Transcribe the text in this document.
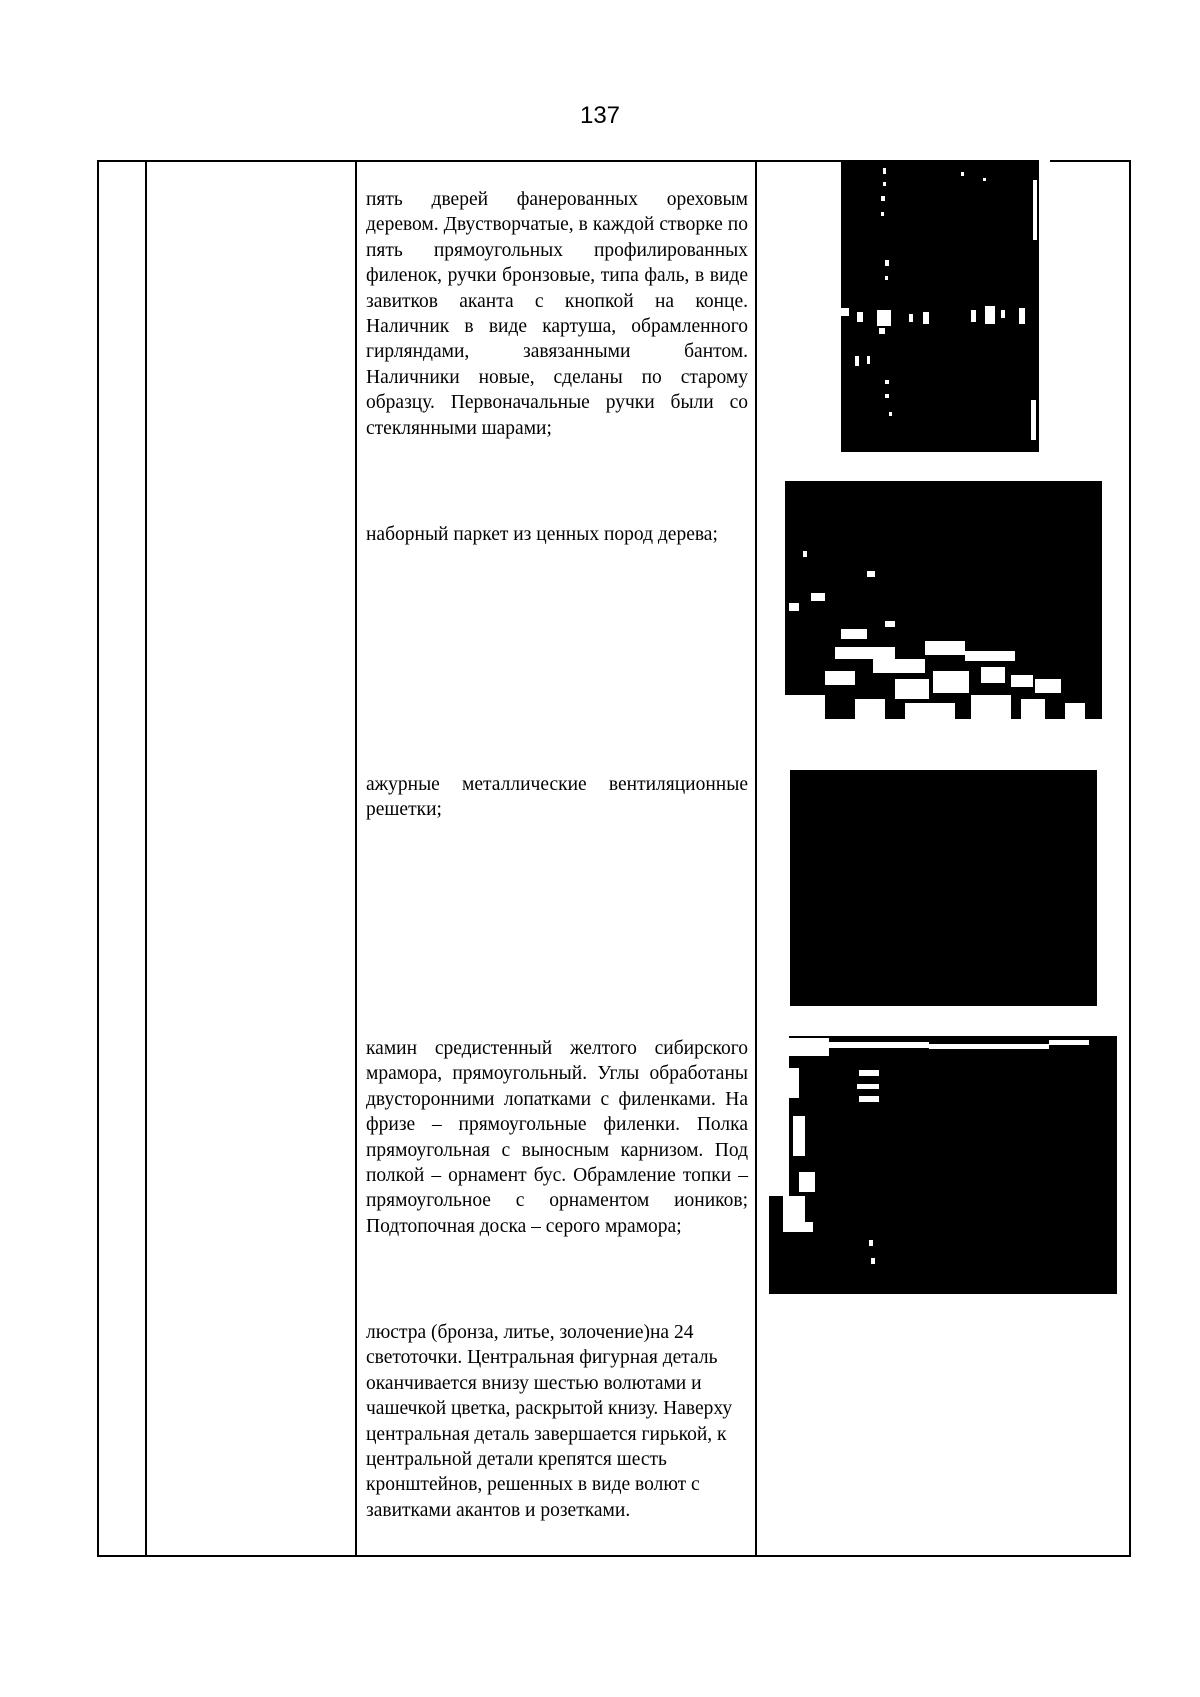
137
пять дверей фанерованных ореховым деревом. Двустворчатые, в каждой створке по пять прямоугольных профилированных филенок, ручки бронзовые, типа фаль, в виде завитков аканта с кнопкой на конце. Наличник в виде картуша, обрамленного гирляндами, завязанными бантом. Наличники новые, сделаны по старому образцу. Первоначальные ручки были со стеклянными шарами;
наборный паркет из ценных пород дерева;
ажурные металлические вентиляционные решетки;
камин средистенный желтого сибирского мрамора, прямоугольный. Углы обработаны двусторонними лопатками с филенками. На фризе – прямоугольные филенки. Полка прямоугольная с выносным карнизом. Под полкой – орнамент бус. Обрамление топки – прямоугольное с орнаментом иоников; Подтопочная доска – серого мрамора;
люстра (бронза, литье, золочение)на 24 светоточки. Центральная фигурная деталь оканчивается внизу шестью волютами и чашечкой цветка, раскрытой книзу. Наверху центральная деталь завершается гирькой, к центральной детали крепятся шесть кронштейнов, решенных в виде волют с завитками акантов и розетками.
